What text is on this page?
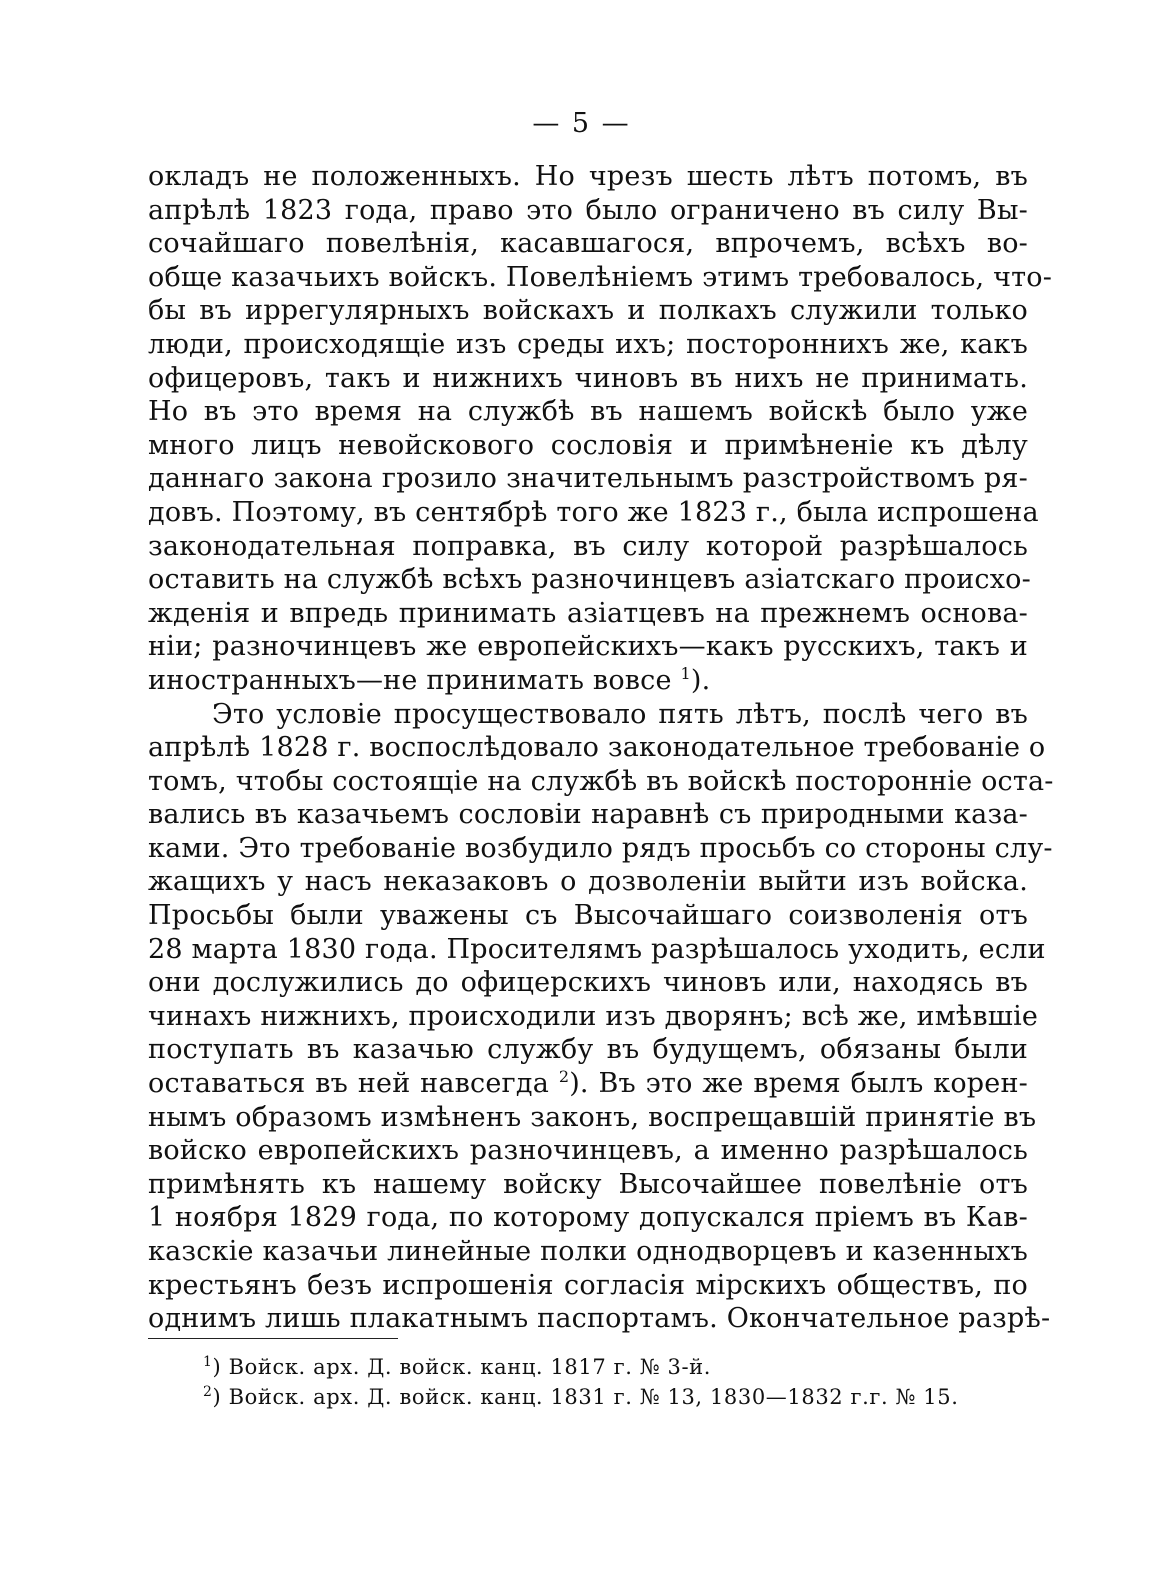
— 5 —
окладъ не положенныхъ. Но чрезъ шесть лѣтъ потомъ, въ
апрѣлѣ 1823 года, право это было ограничено въ силу Вы-
сочайшаго повелѣнія, касавшагося, впрочемъ, всѣхъ во-
обще казачьихъ войскъ. Повелѣніемъ этимъ требовалось, что-
бы въ иррегулярныхъ войскахъ и полкахъ служили только
люди, происходящіе изъ среды ихъ; постороннихъ же, какъ
офицеровъ, такъ и нижнихъ чиновъ въ нихъ не принимать.
Но въ это время на службѣ въ нашемъ войскѣ было уже
много лицъ невойскового сословія и примѣненіе къ дѣлу
даннаго закона грозило значительнымъ разстройствомъ ря-
довъ. Поэтому, въ сентябрѣ того же 1823 г., была испрошена
законодательная поправка, въ силу которой разрѣшалось
оставить на службѣ всѣхъ разночинцевъ азіатскаго происхо-
жденія и впредь принимать азіатцевъ на прежнемъ основа-
ніи; разночинцевъ же европейскихъ—какъ русскихъ, такъ и
иностранныхъ—не принимать вовсе $^1$).
Это условіе просуществовало пять лѣтъ, послѣ чего въ
апрѣлѣ 1828 г. воспослѣдовало законодательное требованіе о
томъ, чтобы состоящіе на службѣ въ войскѣ посторонніе оста-
вались въ казачьемъ сословіи наравнѣ съ природными каза-
ками. Это требованіе возбудило рядъ просьбъ со стороны слу-
жащихъ у насъ неказаковъ о дозволеніи выйти изъ войска.
Просьбы были уважены съ Высочайшаго соизволенія отъ
28 марта 1830 года. Просителямъ разрѣшалось уходить, если
они дослужились до офицерскихъ чиновъ или, находясь въ
чинахъ нижнихъ, происходили изъ дворянъ; всѣ же, имѣвшіе
поступать въ казачью службу въ будущемъ, обязаны были
оставаться въ ней навсегда $^2$). Въ это же время былъ корен-
нымъ образомъ измѣненъ законъ, воспрещавшій принятіе въ
войско европейскихъ разночинцевъ, а именно разрѣшалось
примѣнять къ нашему войску Высочайшее повелѣніе отъ
1 ноября 1829 года, по которому допускался пріемъ въ Кав-
казскіе казачьи линейные полки однодворцевъ и казенныхъ
крестьянъ безъ испрошенія согласія мірскихъ обществъ, по
однимъ лишь плакатнымъ паспортамъ. Окончательное разрѣ-
$^1$) Войск. арх. Д. войск. канц. 1817 г. № 3-й.
$^2$) Войск. арх. Д. войск. канц. 1831 г. № 13, 1830—1832 г.г. № 15.
